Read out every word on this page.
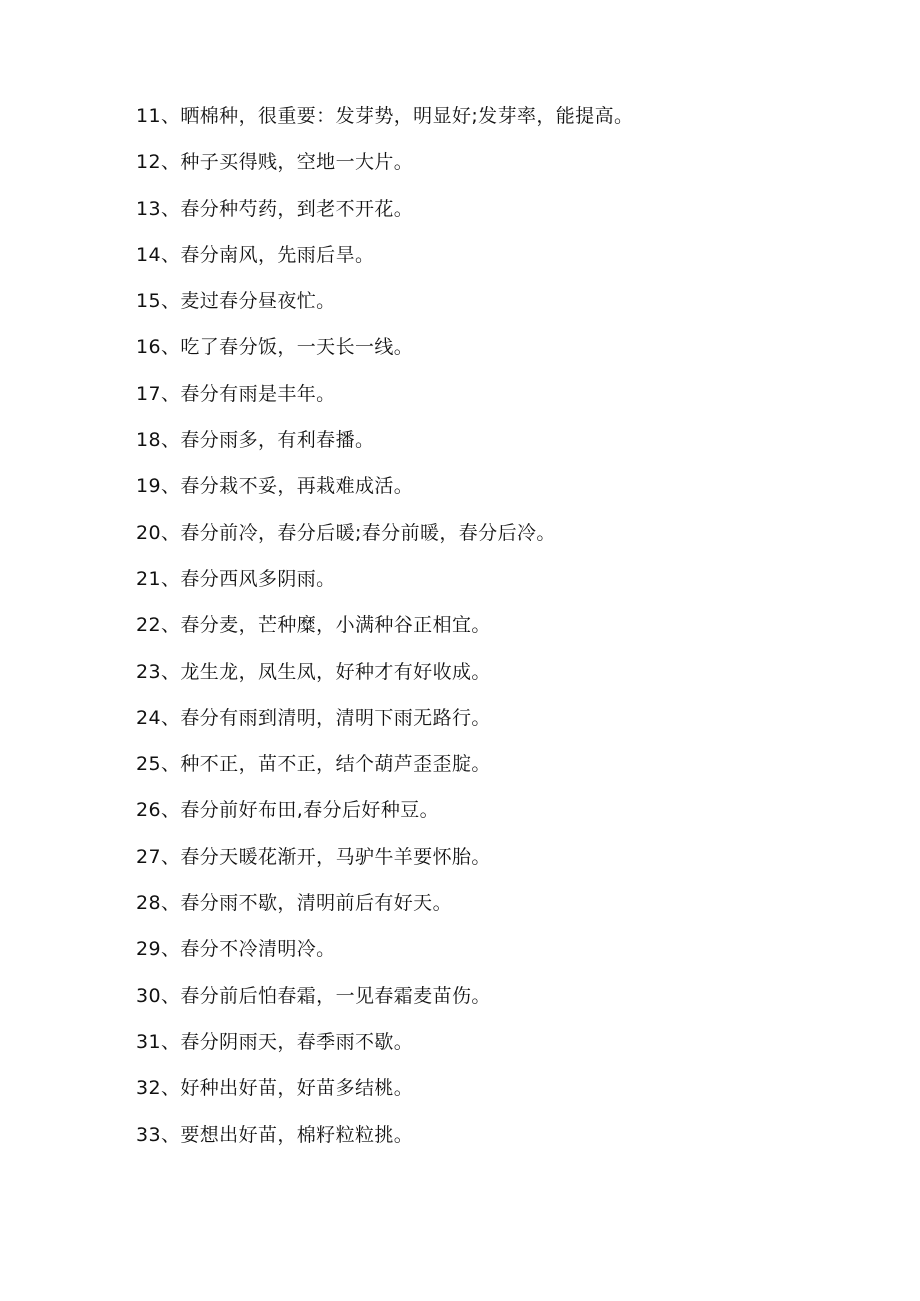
11、晒棉种，很重要：发芽势，明显好;发芽率，能提高。
12、种子买得贱，空地一大片。
13、春分种芍药，到老不开花。
14、春分南风，先雨后旱。
15、麦过春分昼夜忙。
16、吃了春分饭，一天长一线。
17、春分有雨是丰年。
18、春分雨多，有利春播。
19、春分栽不妥，再栽难成活。
20、春分前冷，春分后暖;春分前暖，春分后冷。
21、春分西风多阴雨。
22、春分麦，芒种糜，小满种谷正相宜。
23、龙生龙，凤生凤，好种才有好收成。
24、春分有雨到清明，清明下雨无路行。
25、种不正，苗不正，结个葫芦歪歪腚。
26、春分前好布田,春分后好种豆。
27、春分天暖花渐开，马驴牛羊要怀胎。
28、春分雨不歇，清明前后有好天。
29、春分不冷清明冷。
30、春分前后怕春霜，一见春霜麦苗伤。
31、春分阴雨天，春季雨不歇。
32、好种出好苗，好苗多结桃。
33、要想出好苗，棉籽粒粒挑。
